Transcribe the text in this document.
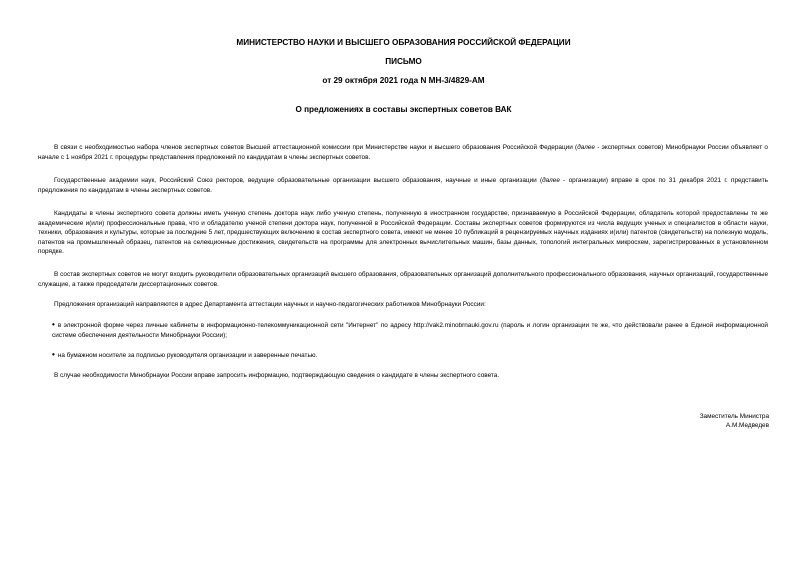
МИНИСТЕРСТВО НАУКИ И ВЫСШЕГО ОБРАЗОВАНИЯ РОССИЙСКОЙ ФЕДЕРАЦИИ
ПИСЬМО
от 29 октября 2021 года N МН-3/4829-АМ
О предложениях в составы экспертных советов ВАК
В связи с необходимостью набора членов экспертных советов Высшей аттестационной комиссии при Министерстве науки и высшего образования Российской Федерации (далее - экспертных советов) Минобрнауки России объявляет о начале с 1 ноября 2021 г. процедуры представления предложений по кандидатам в члены экспертных советов.
Государственные академии наук, Российский Союз ректоров, ведущие образовательные организации высшего образования, научные и иные организации (далее - организации) вправе в срок по 31 декабря 2021 г. представить предложения по кандидатам в члены экспертных советов.
Кандидаты в члены экспертного совета должны иметь ученую степень доктора наук либо ученую степень, полученную в иностранном государстве, признаваемую в Российской Федерации, обладатель которой предоставлены те же академические и(или) профессиональные права, что и обладателю ученой степени доктора наук, полученной в Российской Федерации. Составы экспертных советов формируются из числа ведущих ученых и специалистов в области науки, техники, образования и культуры, которые за последние 5 лет, предшествующих включению в состав экспертного совета, имеют не менее 10 публикаций в рецензируемых научных изданиях и(или) патентов (свидетельств) на полезную модель, патентов на промышленный образец, патентов на селекционные достижения, свидетельств на программы для электронных вычислительных машин, базы данных, топологий интегральных микросхем, зарегистрированных в установленном порядке.
В состав экспертных советов не могут входить руководители образовательных организаций высшего образования, образовательных организаций дополнительного профессионального образования, научных организаций, государственные служащие, а также председатели диссертационных советов.
Предложения организаций направляются в адрес Департамента аттестации научных и научно-педагогических работников Минобрнауки России:
• в электронной форме через личные кабинеты в информационно-телекоммуникационной сети "Интернет" по адресу http://vak2.minobrnauki.gov.ru (пароль и логин организации те же, что действовали ранее в Единой информационной системе обеспечения деятельности Минобрнауки России);
• на бумажном носителе за подписью руководителя организации и заверенные печатью.
В случае необходимости Минобрнауки России вправе запросить информацию, подтверждающую сведения о кандидате в члены экспертного совета.
Заместитель Министра
А.М.Медведев
